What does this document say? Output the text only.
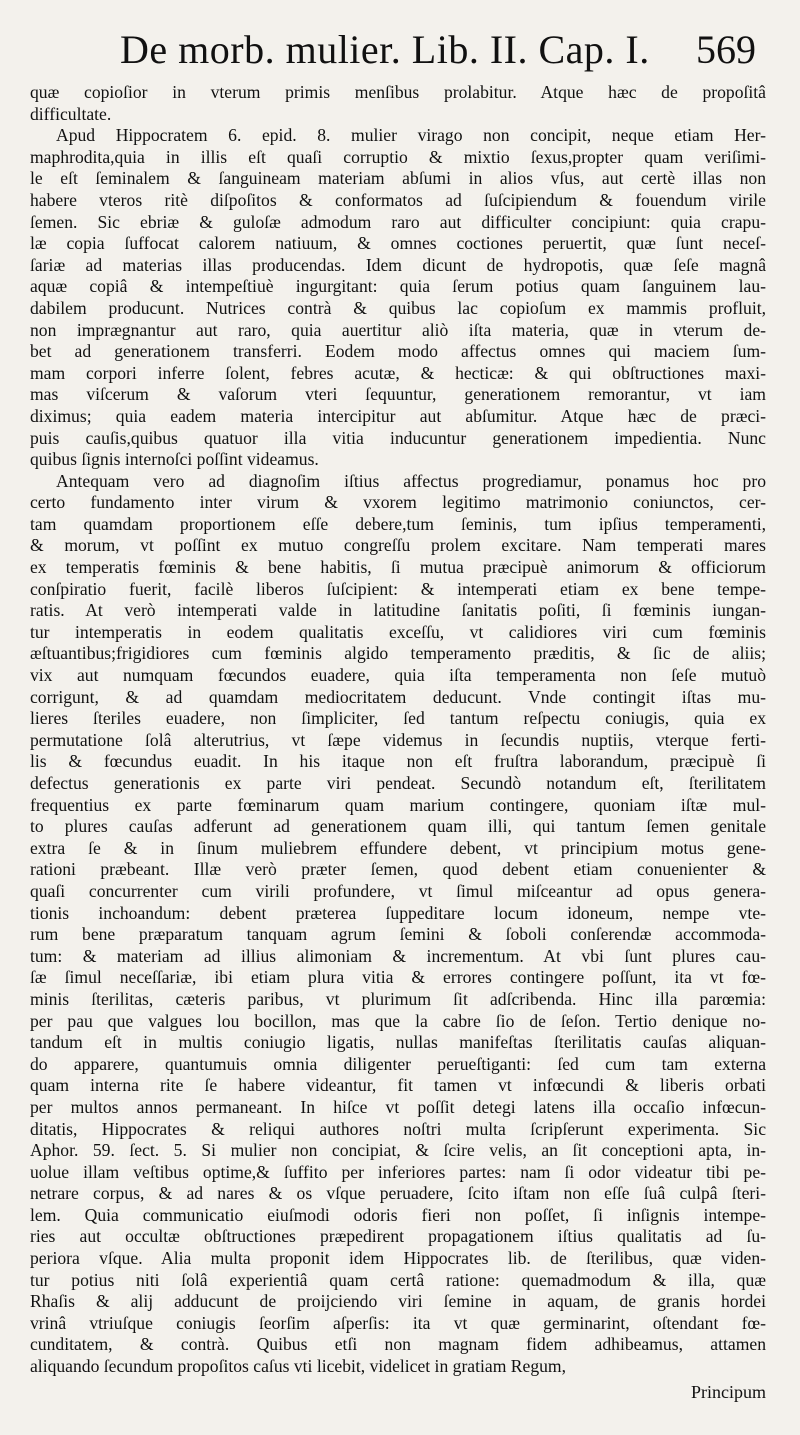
De morb. mulier. Lib. II. Cap. I. 569
quæ copioſior in vterum primis menſibus prolabitur. Atque hæc de propoſitâ
difficultate.
Apud Hippocratem 6. epid. 8. mulier virago non concipit, neque etiam Her-
maphrodita,quia in illis eſt quaſi corruptio & mixtio ſexus,propter quam veriſimi-
le eſt ſeminalem & ſanguineam materiam abſumi in alios vſus, aut certè illas non
habere vteros ritè diſpoſitos & conformatos ad ſuſcipiendum & fouendum virile
ſemen. Sic ebriæ & guloſæ admodum raro aut difficulter concipiunt: quia crapu-
læ copia ſuffocat calorem natiuum, & omnes coctiones peruertit, quæ ſunt neceſ-
ſariæ ad materias illas producendas. Idem dicunt de hydropotis, quæ ſeſe magnâ
aquæ copiâ & intempeſtiuè ingurgitant: quia ſerum potius quam ſanguinem lau-
dabilem producunt. Nutrices contrà & quibus lac copioſum ex mammis profluit,
non imprægnantur aut raro, quia auertitur aliò iſta materia, quæ in vterum de-
bet ad generationem transferri. Eodem modo affectus omnes qui maciem ſum-
mam corpori inferre ſolent, febres acutæ, & hecticæ: & qui obſtructiones maxi-
mas viſcerum & vaſorum vteri ſequuntur, generationem remorantur, vt iam
diximus; quia eadem materia intercipitur aut abſumitur. Atque hæc de præci-
puis cauſis,quibus quatuor illa vitia inducuntur generationem impedientia. Nunc
quibus ſignis internoſci poſſint videamus.
Antequam vero ad diagnoſim iſtius affectus progrediamur, ponamus hoc pro
certo fundamento inter virum & vxorem legitimo matrimonio coniunctos, cer-
tam quamdam proportionem eſſe debere,tum ſeminis, tum ipſius temperamenti,
& morum, vt poſſint ex mutuo congreſſu prolem excitare. Nam temperati mares
ex temperatis fœminis & bene habitis, ſi mutua præcipuè animorum & officiorum
conſpiratio fuerit, facilè liberos ſuſcipient: & intemperati etiam ex bene tempe-
ratis. At verò intemperati valde in latitudine ſanitatis poſiti, ſi fœminis iungan-
tur intemperatis in eodem qualitatis exceſſu, vt calidiores viri cum fœminis
æſtuantibus;frigidiores cum fœminis algido temperamento præditis, & ſic de aliis;
vix aut numquam fœcundos euadere, quia iſta temperamenta non ſeſe mutuò
corrigunt, & ad quamdam mediocritatem deducunt. Vnde contingit iſtas mu-
lieres ſteriles euadere, non ſimpliciter, ſed tantum reſpectu coniugis, quia ex
permutatione ſolâ alterutrius, vt ſæpe videmus in ſecundis nuptiis, vterque ferti-
lis & fœcundus euadit. In his itaque non eſt fruſtra laborandum, præcipuè ſi
defectus generationis ex parte viri pendeat. Secundò notandum eſt, ſterilitatem
frequentius ex parte fœminarum quam marium contingere, quoniam iſtæ mul-
to plures cauſas adferunt ad generationem quam illi, qui tantum ſemen genitale
extra ſe & in ſinum muliebrem effundere debent, vt principium motus gene-
rationi præbeant. Illæ verò præter ſemen, quod debent etiam conuenienter &
quaſi concurrenter cum virili profundere, vt ſimul miſceantur ad opus genera-
tionis inchoandum: debent præterea ſuppeditare locum idoneum, nempe vte-
rum bene præparatum tanquam agrum ſemini & ſoboli conſerendæ accommoda-
tum: & materiam ad illius alimoniam & incrementum. At vbi ſunt plures cau-
ſæ ſimul neceſſariæ, ibi etiam plura vitia & errores contingere poſſunt, ita vt fœ-
minis ſterilitas, cæteris paribus, vt plurimum ſit adſcribenda. Hinc illa parœmia:
per pau que valgues lou bocillon, mas que la cabre ſio de ſeſon. Tertio denique no-
tandum eſt in multis coniugio ligatis, nullas manifeſtas ſterilitatis cauſas aliquan-
do apparere, quantumuis omnia diligenter perueſtiganti: ſed cum tam externa
quam interna rite ſe habere videantur, fit tamen vt infœcundi & liberis orbati
per multos annos permaneant. In hiſce vt poſſit detegi latens illa occaſio infœcun-
ditatis, Hippocrates & reliqui authores noſtri multa ſcripſerunt experimenta. Sic
Aphor. 59. ſect. 5. Si mulier non concipiat, & ſcire velis, an ſit conceptioni apta, in-
uolue illam veſtibus optime,& ſuffito per inferiores partes: nam ſi odor videatur tibi pe-
netrare corpus, & ad nares & os vſque peruadere, ſcito iſtam non eſſe ſuâ culpâ ſteri-
lem. Quia communicatio eiuſmodi odoris fieri non poſſet, ſi inſignis intempe-
ries aut occultæ obſtructiones præpedirent propagationem iſtius qualitatis ad ſu-
periora vſque. Alia multa proponit idem Hippocrates lib. de ſterilibus, quæ viden-
tur potius niti ſolâ experientiâ quam certâ ratione: quemadmodum & illa, quæ
Rhaſis & alij adducunt de proijciendo viri ſemine in aquam, de granis hordei
vrinâ vtriuſque coniugis ſeorſim aſperſis: ita vt quæ germinarint, oſtendant fœ-
cunditatem, & contrà. Quibus etſi non magnam fidem adhibeamus, attamen
aliquando ſecundum propoſitos caſus vti licebit, videlicet in gratiam Regum,
Principum
